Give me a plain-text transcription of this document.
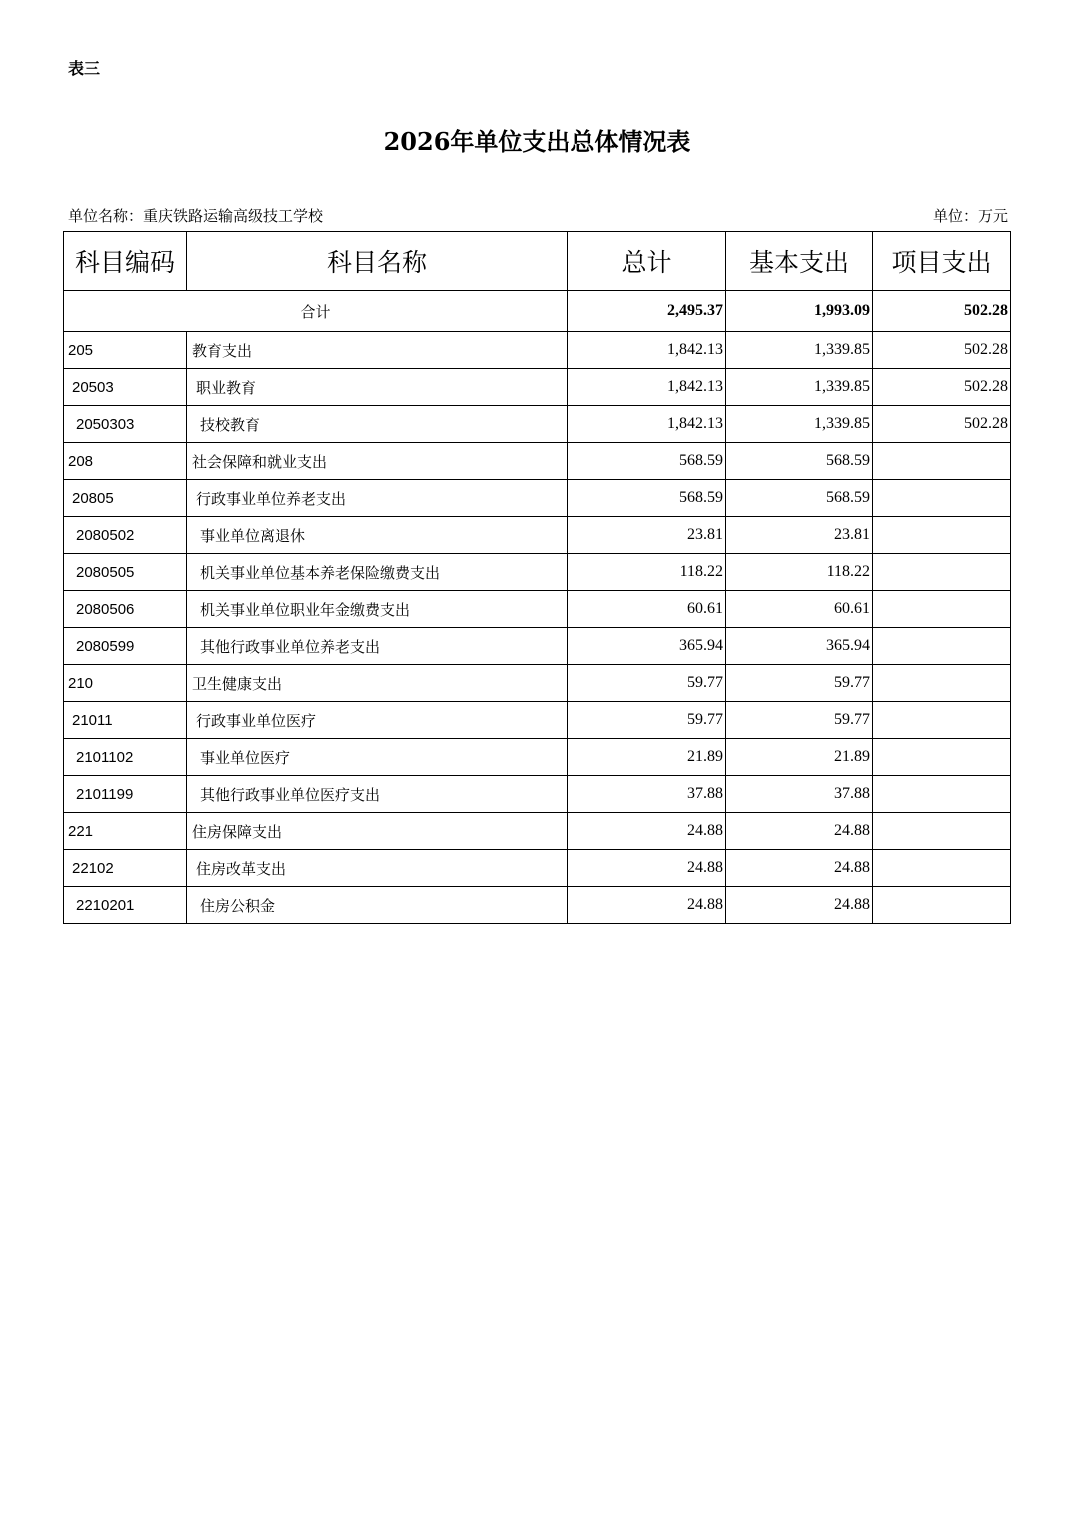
表三
2026年单位支出总体情况表
单位名称：重庆铁路运输高级技工学校	单位：万元
科目编码	科目名称	总计	基本支出	项目支出
合计		2,495.37	1,993.09	502.28
205	教育支出	1,842.13	1,339.85	502.28
20503	职业教育	1,842.13	1,339.85	502.28
2050303	技校教育	1,842.13	1,339.85	502.28
208	社会保障和就业支出	568.59	568.59	
20805	行政事业单位养老支出	568.59	568.59	
2080502	事业单位离退休	23.81	23.81	
2080505	机关事业单位基本养老保险缴费支出	118.22	118.22	
2080506	机关事业单位职业年金缴费支出	60.61	60.61	
2080599	其他行政事业单位养老支出	365.94	365.94	
210	卫生健康支出	59.77	59.77	
21011	行政事业单位医疗	59.77	59.77	
2101102	事业单位医疗	21.89	21.89	
2101199	其他行政事业单位医疗支出	37.88	37.88	
221	住房保障支出	24.88	24.88	
22102	住房改革支出	24.88	24.88	
2210201	住房公积金	24.88	24.88	
